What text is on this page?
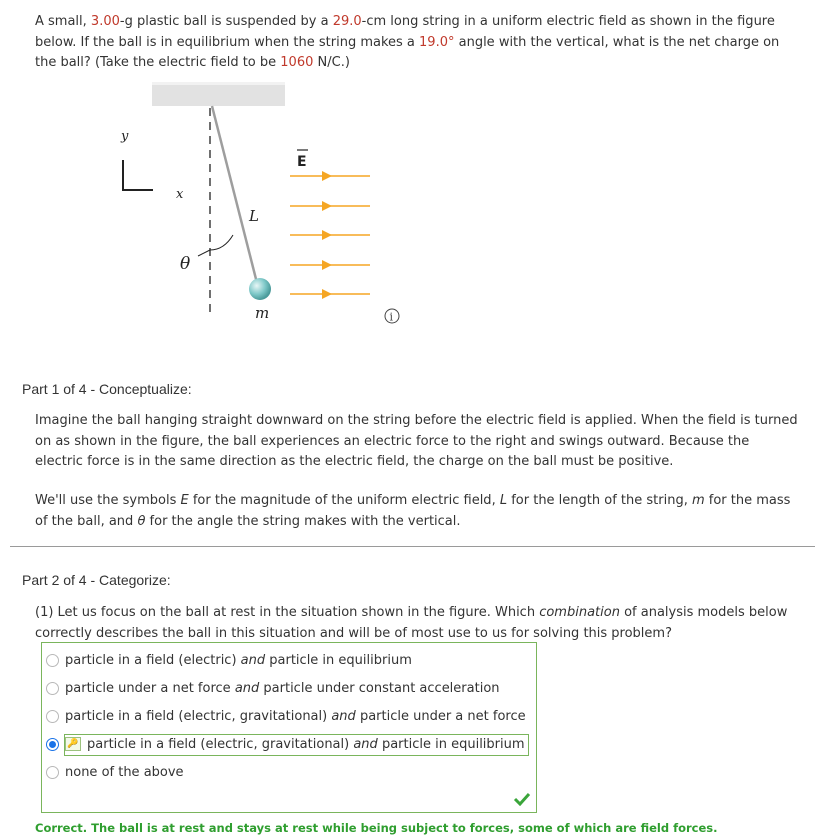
A small, 3.00-g plastic ball is suspended by a 29.0-cm long string in a uniform electric field as shown in the figure below. If the ball is in equilibrium when the string makes a 19.0° angle with the vertical, what is the net charge on the ball? (Take the electric field to be 1060 N/C.)

y
x
θ
L
m
E
i

Part 1 of 4 - Conceptualize:

Imagine the ball hanging straight downward on the string before the electric field is applied. When the field is turned on as shown in the figure, the ball experiences an electric force to the right and swings outward. Because the electric force is in the same direction as the electric field, the charge on the ball must be positive.

We'll use the symbols E for the magnitude of the uniform electric field, L for the length of the string, m for the mass of the ball, and θ for the angle the string makes with the vertical.

Part 2 of 4 - Categorize:

(1) Let us focus on the ball at rest in the situation shown in the figure. Which combination of analysis models below correctly describes the ball in this situation and will be of most use to us for solving this problem?

particle in a field (electric) and particle in equilibrium
particle under a net force and particle under constant acceleration
particle in a field (electric, gravitational) and particle under a net force
🔑 particle in a field (electric, gravitational) and particle in equilibrium
none of the above

Correct. The ball is at rest and stays at rest while being subject to forces, some of which are field forces.
